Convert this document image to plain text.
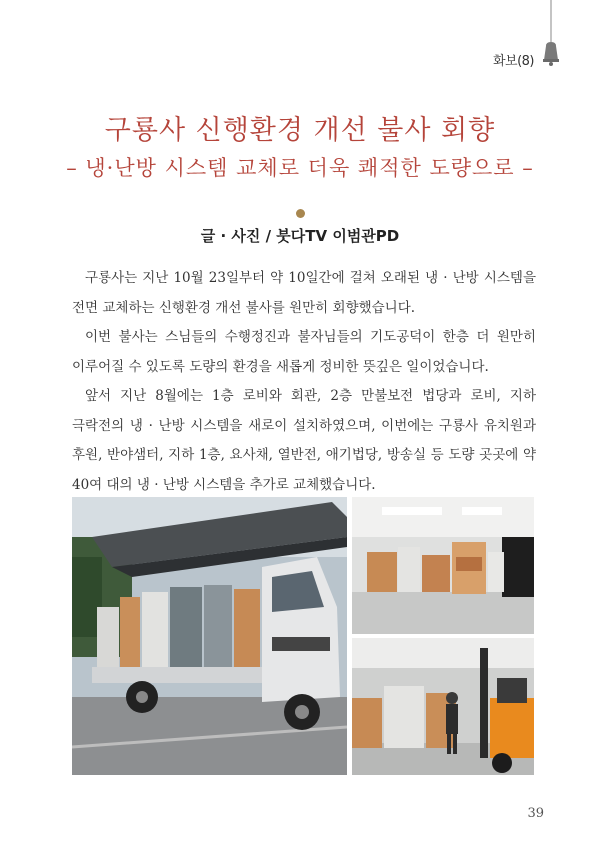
화보(8)
구룡사 신행환경 개선 불사 회향
– 냉·난방 시스템 교체로 더욱 쾌적한 도량으로 –
글 · 사진 / 붓다TV 이범관PD

구룡사는 지난 10월 23일부터 약 10일간에 걸쳐 오래된 냉 · 난방 시스템을 전면 교체하는 신행환경 개선 불사를 원만히 회향했습니다.

이번 불사는 스님들의 수행정진과 불자님들의 기도공덕이 한층 더 원만히 이루어질 수 있도록 도량의 환경을 새롭게 정비한 뜻깊은 일이었습니다.

앞서 지난 8월에는 1층 로비와 회관, 2층 만불보전 법당과 로비, 지하 극락전의 냉 · 난방 시스템을 새로이 설치하였으며, 이번에는 구룡사 유치원과 후원, 반야샘터, 지하 1층, 요사채, 열반전, 애기법당, 방송실 등 도량 곳곳에 약 40여 대의 냉 · 난방 시스템을 추가로 교체했습니다.

39
